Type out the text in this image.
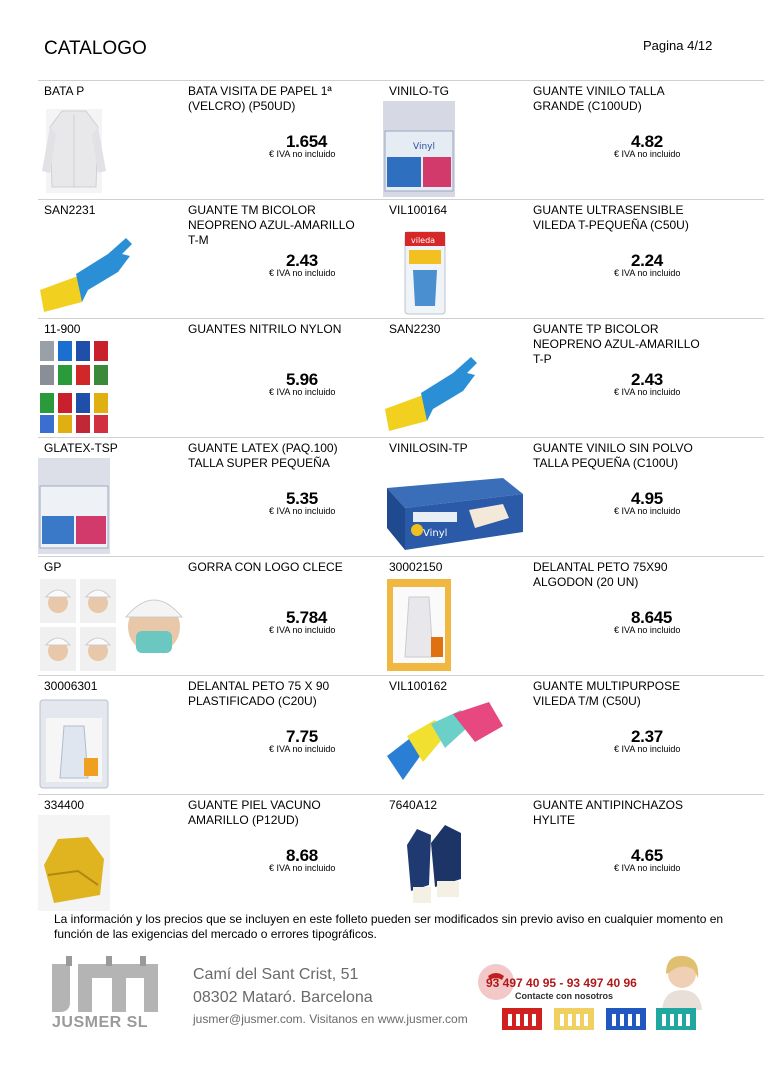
CATALOGO	Pagina 4/12
BATA P	BATA VISITA DE PAPEL 1ª (VELCRO) (P50UD)
1.654
€ IVA no incluido
Vinyl
VINILO-TG	GUANTE VINILO TALLA GRANDE (C100UD)
4.82
€ IVA no incluido
SAN2231	GUANTE TM BICOLOR NEOPRENO AZUL-AMARILLO T-M
2.43
€ IVA no incluido
vileda
VIL100164	GUANTE ULTRASENSIBLE VILEDA T-PEQUEÑA (C50U)
2.24
€ IVA no incluido
11-900	GUANTES NITRILO NYLON
5.96
€ IVA no incluido
SAN2230	GUANTE TP BICOLOR NEOPRENO AZUL-AMARILLO T-P
2.43
€ IVA no incluido
GLATEX-TSP	GUANTE LATEX (PAQ.100) TALLA SUPER PEQUEÑA
5.35
€ IVA no incluido
Vinyl
VINILOSIN-TP	GUANTE VINILO SIN POLVO TALLA PEQUEÑA (C100U)
4.95
€ IVA no incluido
GP	GORRA CON LOGO CLECE
5.784
€ IVA no incluido
30002150	DELANTAL PETO 75X90 ALGODON (20 UN)
8.645
€ IVA no incluido
30006301	DELANTAL PETO 75 X 90 PLASTIFICADO (C20U)
7.75
€ IVA no incluido
VIL100162	GUANTE MULTIPURPOSE VILEDA T/M (C50U)
2.37
€ IVA no incluido
334400	GUANTE PIEL VACUNO AMARILLO (P12UD)
8.68
€ IVA no incluido
7640A12	GUANTE ANTIPINCHAZOS HYLITE
4.65
€ IVA no incluido
La información y los precios que se incluyen en este folleto pueden ser modificados sin previo aviso en cualquier momento en función de las exigencias del mercado o errores tipográficos.
JUSMER SL
Camí del Sant Crist, 51
08302 Mataró. Barcelona
jusmer@jusmer.com. Visitanos en www.jusmer.com
93 497 40 95 - 93 497 40 96
Contacte con nosotros
